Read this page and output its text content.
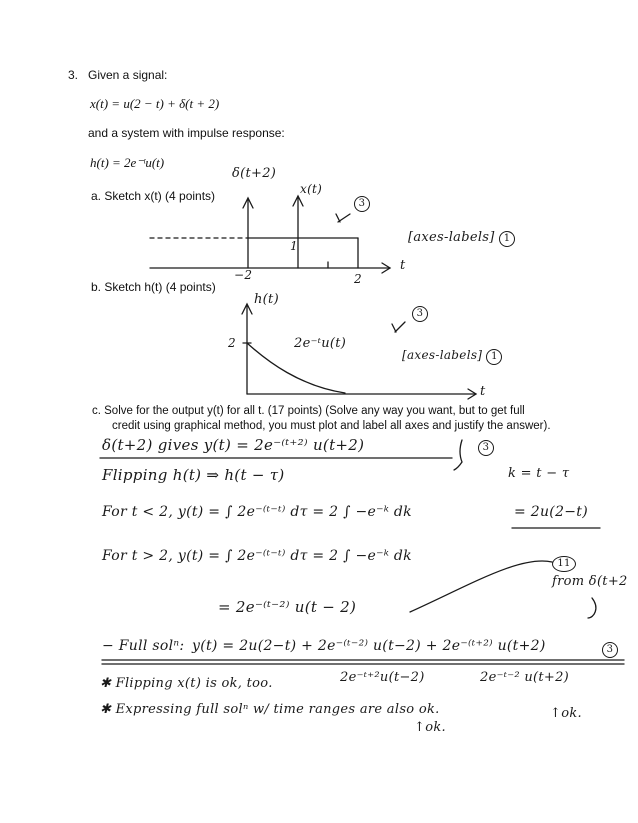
3. Given a signal:
x(t) = u(2 − t) + δ(t + 2)
and a system with impulse response:
h(t) = 2e⁻ᵗu(t)
a. Sketch x(t) (4 points)
b. Sketch h(t) (4 points)
c. Solve for the output y(t) for all t. (17 points) (Solve any way you want, but to get full
credit using graphical method, you must plot and label all axes and justify the answer).
δ(t+2)
x(t)
3
[axes-labels] 1
t
−2	2
1
h(t)
3
2e⁻ᵗu(t)
2
[axes-labels] 1
t
δ(t+2) gives y(t) = 2e⁻⁽ᵗ⁺²⁾ u(t+2)	3
Flipping h(t) ⇒ h(t − τ)	k = t − τ
For t < 2, y(t) = ∫ 2e⁻⁽ᵗ⁻ᵗ⁾ dτ = 2 ∫ −e⁻ᵏ dk	= 2u(2−t)
For t > 2, y(t) = ∫ 2e⁻⁽ᵗ⁻ᵗ⁾ dτ = 2 ∫ −e⁻ᵏ dk	11
from δ(t+2
= 2e⁻⁽ᵗ⁻²⁾ u(t − 2)
− Full solⁿ: y(t) = 2u(2−t) + 2e⁻⁽ᵗ⁻²⁾ u(t−2) + 2e⁻⁽ᵗ⁺²⁾ u(t+2)	3
2e⁻ᵗ⁺²u(t−2)	2e⁻ᵗ⁻² u(t+2)
✱ Flipping x(t) is ok, too.
✱ Expressing full solⁿ w/ time ranges are also ok.
↑ok.
↑ok.
